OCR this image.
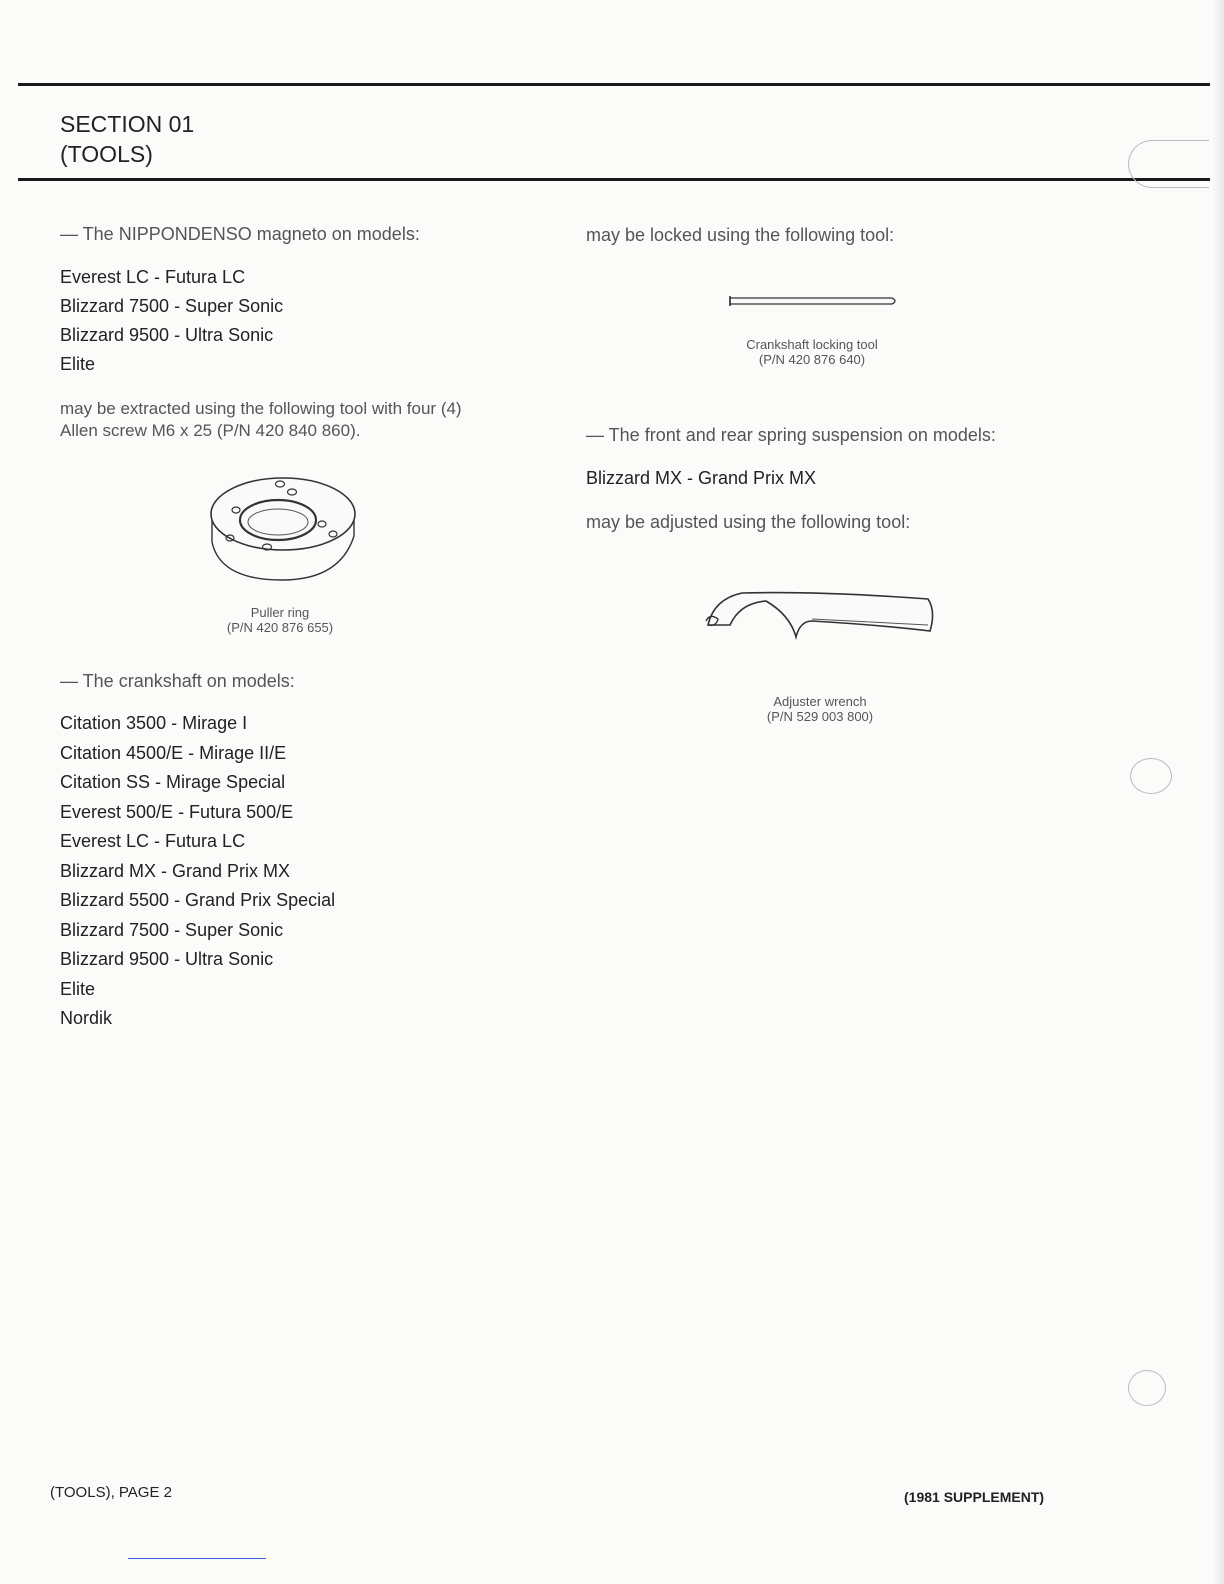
SECTION 01
(TOOLS)

— The NIPPONDENSO magneto on models:

Everest LC - Futura LC
Blizzard 7500 - Super Sonic
Blizzard 9500 - Ultra Sonic
Elite

may be extracted using the following tool with four (4)

Allen screw M6 x 25 (P/N 420 840 860).

— The crankshaft on models:

Citation 3500 - Mirage I
Citation 4500/E - Mirage II/E
Citation SS - Mirage Special
Everest 500/E - Futura 500/E
Everest LC - Futura LC
Blizzard MX - Grand Prix MX
Blizzard 5500 - Grand Prix Special
Blizzard 7500 - Super Sonic
Blizzard 9500 - Ultra Sonic
Elite
Nordik
Puller ring
(P/N 420 876 655)

may be locked using the following tool:

— The front and rear spring suspension on models:

Blizzard MX - Grand Prix MX

may be adjusted using the following tool:

Crankshaft locking tool
(P/N 420 876 640)
Adjuster wrench
(P/N 529 003 800)
(TOOLS), PAGE 2	(1981 SUPPLEMENT)
